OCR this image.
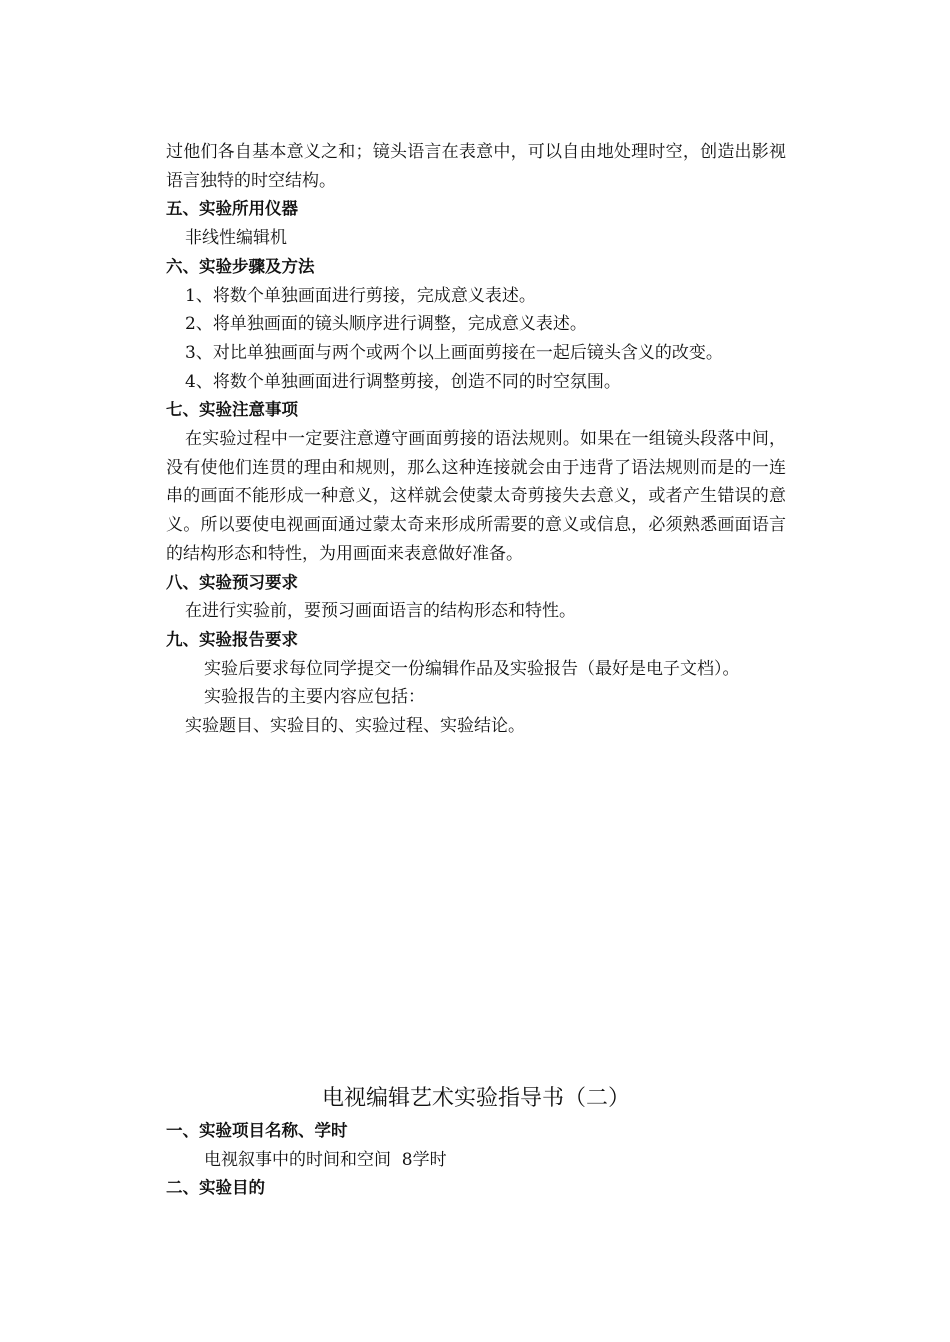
过他们各自基本意义之和；镜头语言在表意中，可以自由地处理时空，创造出影视语言独特的时空结构。
五、实验所用仪器
非线性编辑机
六、实验步骤及方法
1、将数个单独画面进行剪接，完成意义表述。
2、将单独画面的镜头顺序进行调整，完成意义表述。
3、对比单独画面与两个或两个以上画面剪接在一起后镜头含义的改变。
4、将数个单独画面进行调整剪接，创造不同的时空氛围。
七、实验注意事项
在实验过程中一定要注意遵守画面剪接的语法规则。如果在一组镜头段落中间，没有使他们连贯的理由和规则，那么这种连接就会由于违背了语法规则而是的一连串的画面不能形成一种意义，这样就会使蒙太奇剪接失去意义，或者产生错误的意义。所以要使电视画面通过蒙太奇来形成所需要的意义或信息，必须熟悉画面语言的结构形态和特性，为用画面来表意做好准备。
八、实验预习要求
在进行实验前，要预习画面语言的结构形态和特性。
九、实验报告要求
实验后要求每位同学提交一份编辑作品及实验报告（最好是电子文档）。
实验报告的主要内容应包括：
实验题目、实验目的、实验过程、实验结论。
电视编辑艺术实验指导书（二）
一、实验项目名称、学时
电视叙事中的时间和空间  8学时
二、实验目的
